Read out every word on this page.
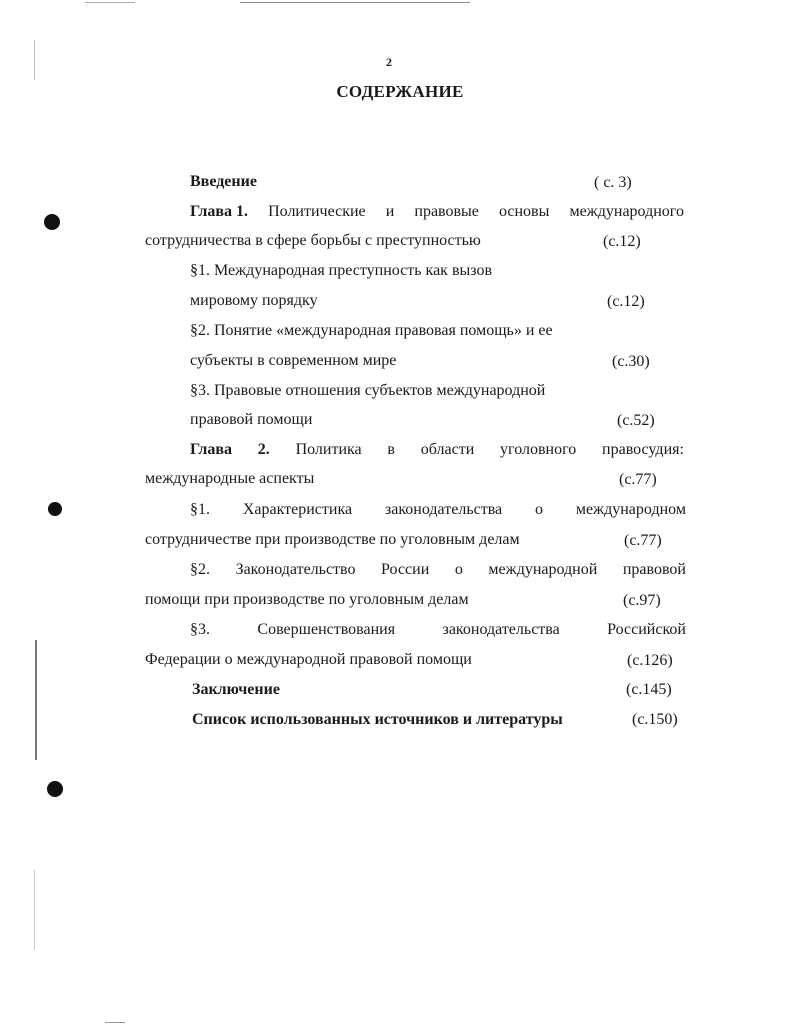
2
СОДЕРЖАНИЕ
Введение	( с. 3)
Глава 1. Политические и правовые основы международного
сотрудничества в сфере борьбы с преступностью	(с.12)
§1. Международная преступность как вызов
мировому порядку	(с.12)
§2. Понятие «международная правовая помощь» и ее
субъекты в современном мире	(с.30)
§3. Правовые отношения субъектов международной
правовой помощи	(с.52)
Глава 2. Политика в области уголовного правосудия:
международные аспекты	(с.77)
§1. Характеристика законодательства о международном
сотрудничестве при производстве по уголовным делам	(с.77)
§2. Законодательство России о международной правовой
помощи при производстве по уголовным делам	(с.97)
§3.	Совершенствования	законодательства	Российской
Федерации о международной правовой помощи	(с.126)
Заключение	(с.145)
Список использованных источников и литературы	(с.150)
